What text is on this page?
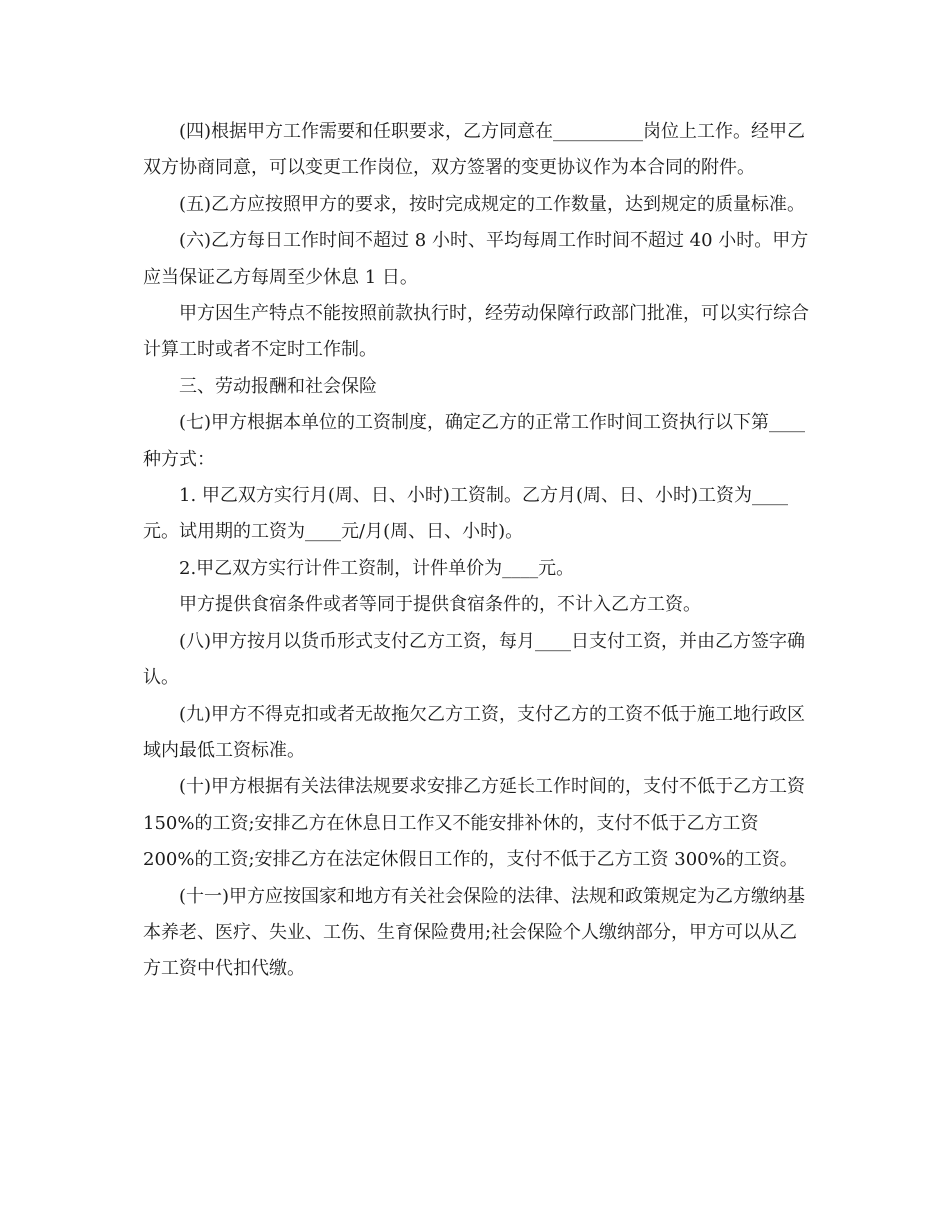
(四)根据甲方工作需要和任职要求，乙方同意在__________岗位上工作。经甲乙双方协商同意，可以变更工作岗位，双方签署的变更协议作为本合同的附件。

(五)乙方应按照甲方的要求，按时完成规定的工作数量，达到规定的质量标准。

(六)乙方每日工作时间不超过 8 小时、平均每周工作时间不超过 40 小时。甲方应当保证乙方每周至少休息 1 日。

甲方因生产特点不能按照前款执行时，经劳动保障行政部门批准，可以实行综合计算工时或者不定时工作制。

三、劳动报酬和社会保险

(七)甲方根据本单位的工资制度，确定乙方的正常工作时间工资执行以下第____种方式：

1. 甲乙双方实行月(周、日、小时)工资制。乙方月(周、日、小时)工资为____元。试用期的工资为____元/月(周、日、小时)。

2.甲乙双方实行计件工资制，计件单价为____元。

甲方提供食宿条件或者等同于提供食宿条件的，不计入乙方工资。

(八)甲方按月以货币形式支付乙方工资，每月____日支付工资，并由乙方签字确认。

(九)甲方不得克扣或者无故拖欠乙方工资，支付乙方的工资不低于施工地行政区域内最低工资标准。

(十)甲方根据有关法律法规要求安排乙方延长工作时间的，支付不低于乙方工资 150%的工资;安排乙方在休息日工作又不能安排补休的，支付不低于乙方工资 200%的工资;安排乙方在法定休假日工作的，支付不低于乙方工资 300%的工资。

(十一)甲方应按国家和地方有关社会保险的法律、法规和政策规定为乙方缴纳基本养老、医疗、失业、工伤、生育保险费用;社会保险个人缴纳部分，甲方可以从乙方工资中代扣代缴。
